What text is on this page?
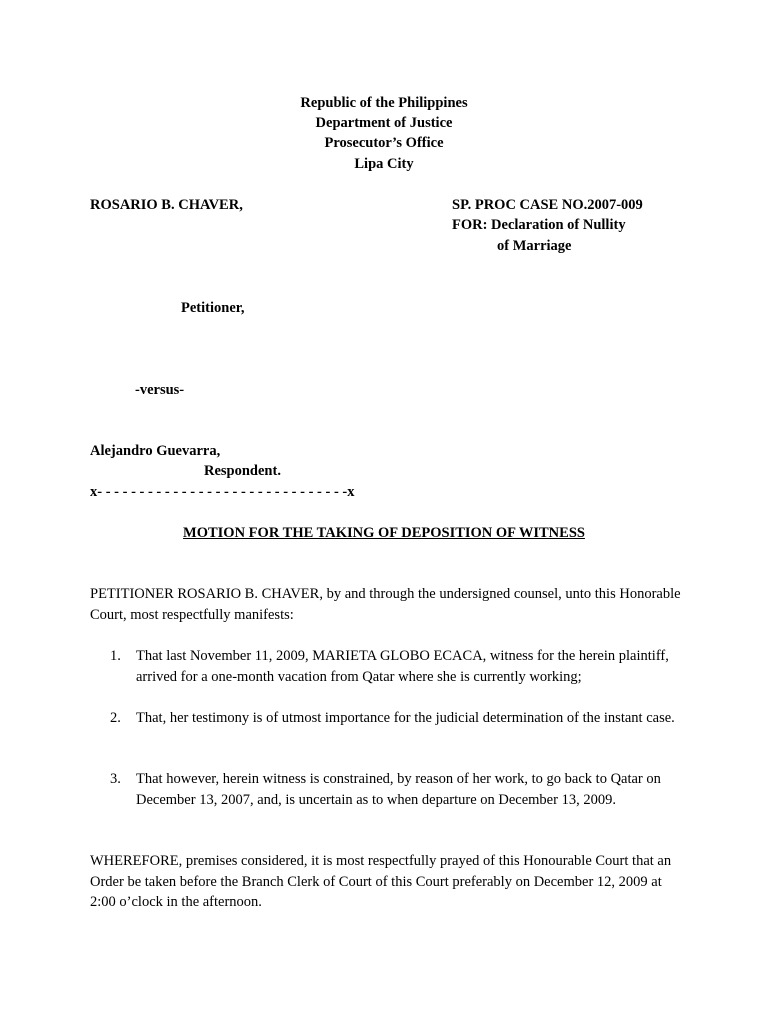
Republic of the Philippines
Department of Justice
Prosecutor’s Office
Lipa City
ROSARIO B. CHAVER,	SP. PROC CASE NO.2007-009
FOR: Declaration of Nullity
of Marriage
Petitioner,
-versus-
Alejandro Guevarra,
Respondent.
x- - - - - - - - - - - - - - - - - - - - - - - - - - - - - -x
MOTION FOR THE TAKING OF DEPOSITION OF WITNESS
PETITIONER ROSARIO B. CHAVER, by and through the undersigned counsel, unto this Honorable Court, most respectfully manifests:
1.	That last November 11, 2009, MARIETA GLOBO ECACA, witness for the herein plaintiff, arrived for a one-month vacation from Qatar where she is currently working;
2.	That, her testimony is of utmost importance for the judicial determination of the instant case.
3.	That however, herein witness is constrained, by reason of her work, to go back to Qatar on December 13, 2007, and, is uncertain as to when departure on December 13, 2009.
WHEREFORE, premises considered, it is most respectfully prayed of this Honourable Court that an Order be taken before the Branch Clerk of Court of this Court preferably on December 12, 2009 at 2:00 o’clock in the afternoon.
